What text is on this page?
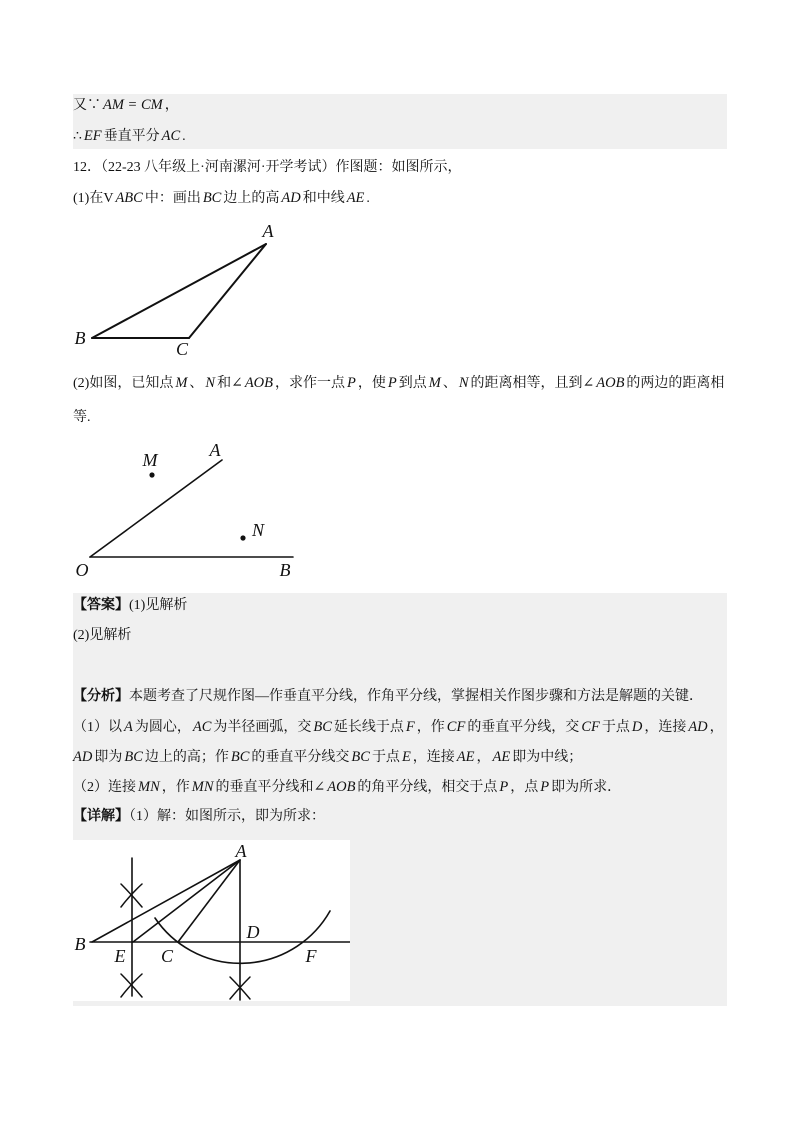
又∵ AM = CM ，
∴ EF 垂直平分 AC .
12．（22-23 八年级上·河南漯河·开学考试）作图题：如图所示，
(1)在V ABC 中：画出 BC 边上的高 AD 和中线 AE .
A
B
C
(2)如图，已知点 M 、 N 和∠ AOB ，求作一点 P ，使 P 到点 M 、 N 的距离相等，且到∠ AOB 的两边的距离相
等.
M	A
N
O	B
【答案】(1)见解析
(2)见解析
【分析】本题考查了尺规作图—作垂直平分线，作角平分线，掌握相关作图步骤和方法是解题的关键．
（1）以 A 为圆心， AC 为半径画弧，交 BC 延长线于点 F ，作 CF 的垂直平分线，交 CF 于点 D ，连接 AD ，
AD 即为 BC 边上的高；作 BC 的垂直平分线交 BC 于点 E ，连接 AE ， AE 即为中线；
（2）连接 MN ，作 MN 的垂直平分线和∠ AOB 的角平分线，相交于点 P ，点 P 即为所求．
【详解】（1）解：如图所示，即为所求：
A
B
E C
D
F
